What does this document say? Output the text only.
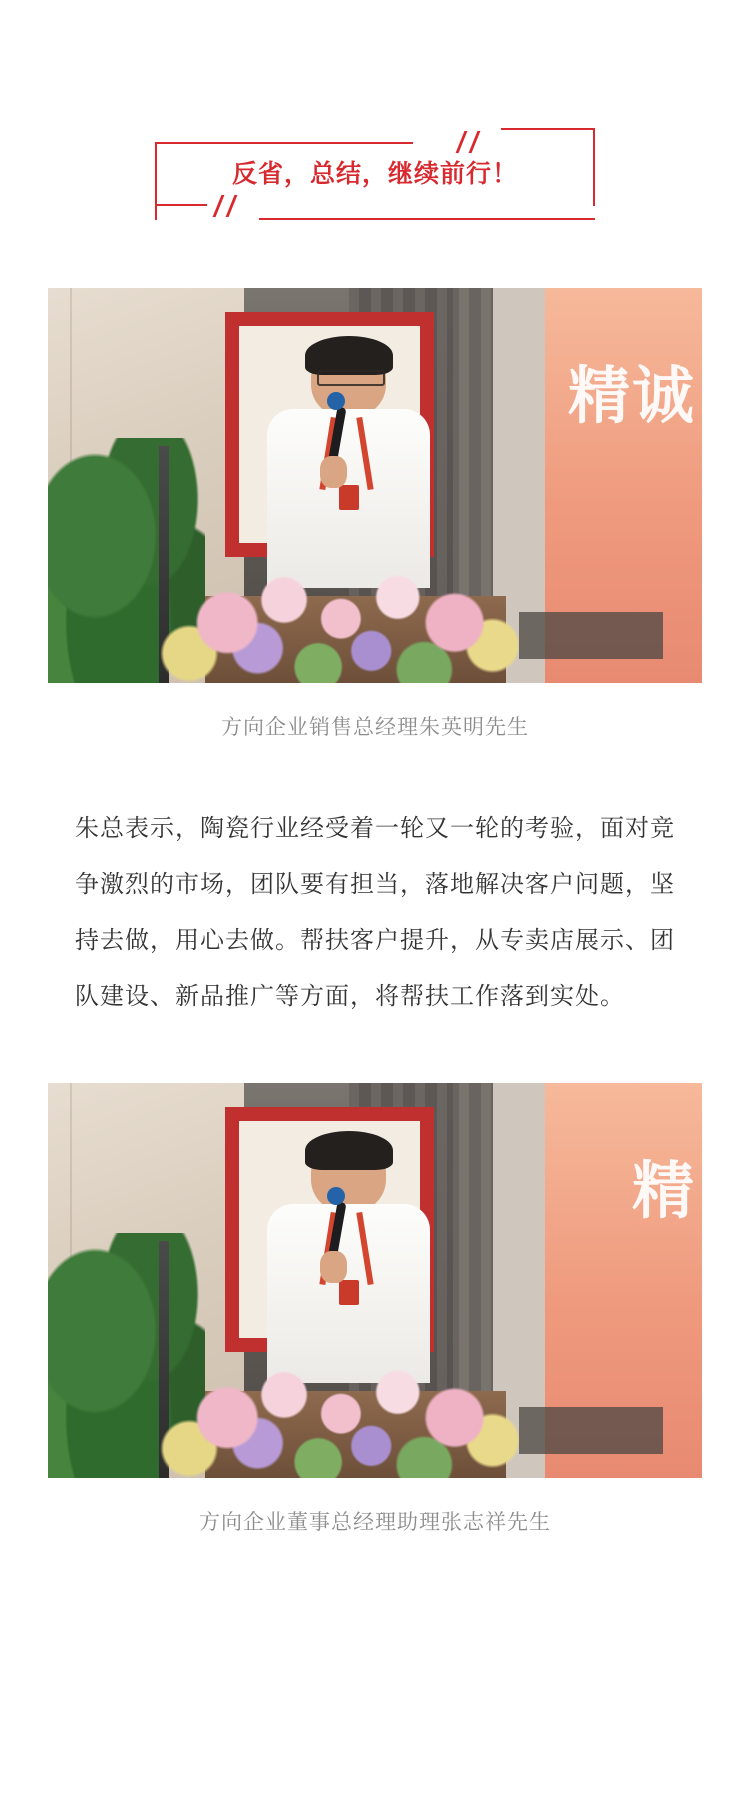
反省，总结，继续前行！
精诚
方向企业销售总经理朱英明先生
朱总表示，陶瓷行业经受着一轮又一轮的考验，面对竞争激烈的市场，团队要有担当，落地解决客户问题，坚持去做，用心去做。帮扶客户提升，从专卖店展示、团队建设、新品推广等方面，将帮扶工作落到实处。
精
方向企业董事总经理助理张志祥先生
